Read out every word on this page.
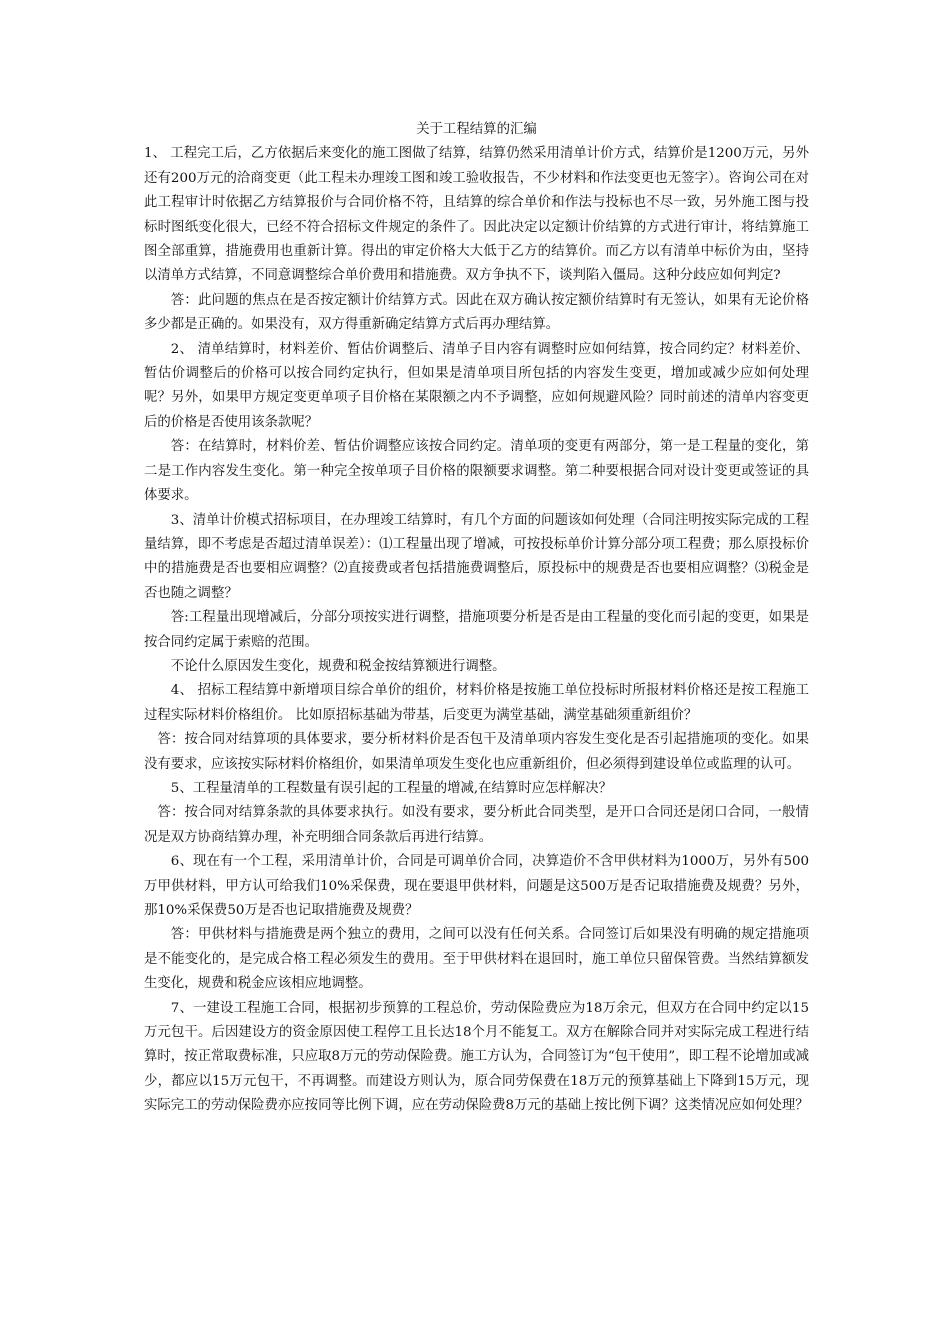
关于工程结算的汇编

1、 工程完工后，乙方依据后来变化的施工图做了结算，结算仍然采用清单计价方式，结算价是1200万元，另外还有200万元的洽商变更（此工程未办理竣工图和竣工验收报告，不少材料和作法变更也无签字）。咨询公司在对此工程审计时依据乙方结算报价与合同价格不符，且结算的综合单价和作法与投标也不尽一致，另外施工图与投标时图纸变化很大，已经不符合招标文件规定的条件了。因此决定以定额计价结算的方式进行审计，将结算施工图全部重算，措施费用也重新计算。得出的审定价格大大低于乙方的结算价。而乙方以有清单中标价为由，坚持以清单方式结算，不同意调整综合单价费用和措施费。双方争执不下，谈判陷入僵局。这种分歧应如何判定?

答：此问题的焦点在是否按定额计价结算方式。因此在双方确认按定额价结算时有无签认，如果有无论价格多少都是正确的。如果没有，双方得重新确定结算方式后再办理结算。

2、 清单结算时，材料差价、暂估价调整后、清单子目内容有调整时应如何结算，按合同约定？材料差价、暂估价调整后的价格可以按合同约定执行，但如果是清单项目所包括的内容发生变更，增加或减少应如何处理呢？另外，如果甲方规定变更单项子目价格在某限额之内不予调整，应如何规避风险？同时前述的清单内容变更后的价格是否使用该条款呢？

答：在结算时，材料价差、暂估价调整应该按合同约定。清单项的变更有两部分，第一是工程量的变化，第二是工作内容发生变化。第一种完全按单项子目价格的限额要求调整。第二种要根据合同对设计变更或签证的具体要求。

3、清单计价模式招标项目，在办理竣工结算时，有几个方面的问题该如何处理（合同注明按实际完成的工程量结算，即不考虑是否超过清单误差）：⑴工程量出现了增减，可按投标单价计算分部分项工程费；那么原投标价中的措施费是否也要相应调整？⑵直接费或者包括措施费调整后，原投标中的规费是否也要相应调整？⑶税金是否也随之调整？

答:工程量出现增减后，分部分项按实进行调整，措施项要分析是否是由工程量的变化而引起的变更，如果是按合同约定属于索赔的范围。

不论什么原因发生变化，规费和税金按结算额进行调整。

4、 招标工程结算中新增项目综合单价的组价，材料价格是按施工单位投标时所报材料价格还是按工程施工过程实际材料价格组价。 比如原招标基础为带基，后变更为满堂基础，满堂基础须重新组价？

答：按合同对结算项的具体要求，要分析材料价是否包干及清单项内容发生变化是否引起措施项的变化。如果没有要求，应该按实际材料价格组价，如果清单项发生变化也应重新组价，但必须得到建设单位或监理的认可。

5、工程量清单的工程数量有误引起的工程量的增减,在结算时应怎样解决？

答：按合同对结算条款的具体要求执行。如没有要求，要分析此合同类型，是开口合同还是闭口合同，一般情况是双方协商结算办理，补充明细合同条款后再进行结算。

6、现在有一个工程，采用清单计价，合同是可调单价合同，决算造价不含甲供材料为1000万，另外有500万甲供材料，甲方认可给我们10%采保费，现在要退甲供材料，问题是这500万是否记取措施费及规费？另外，那10%采保费50万是否也记取措施费及规费？

答：甲供材料与措施费是两个独立的费用，之间可以没有任何关系。合同签订后如果没有明确的规定措施项是不能变化的，是完成合格工程必须发生的费用。至于甲供材料在退回时，施工单位只留保管费。当然结算额发生变化，规费和税金应该相应地调整。

7、一建设工程施工合同，根据初步预算的工程总价，劳动保险费应为18万余元，但双方在合同中约定以15万元包干。后因建设方的资金原因使工程停工且长达18个月不能复工。双方在解除合同并对实际完成工程进行结算时，按正常取费标准，只应取8万元的劳动保险费。施工方认为，合同签订为“包干使用”，即工程不论增加或减少，都应以15万元包干，不再调整。而建设方则认为，原合同劳保费在18万元的预算基础上下降到15万元，现实际完工的劳动保险费亦应按同等比例下调，应在劳动保险费8万元的基础上按比例下调？这类情况应如何处理？
